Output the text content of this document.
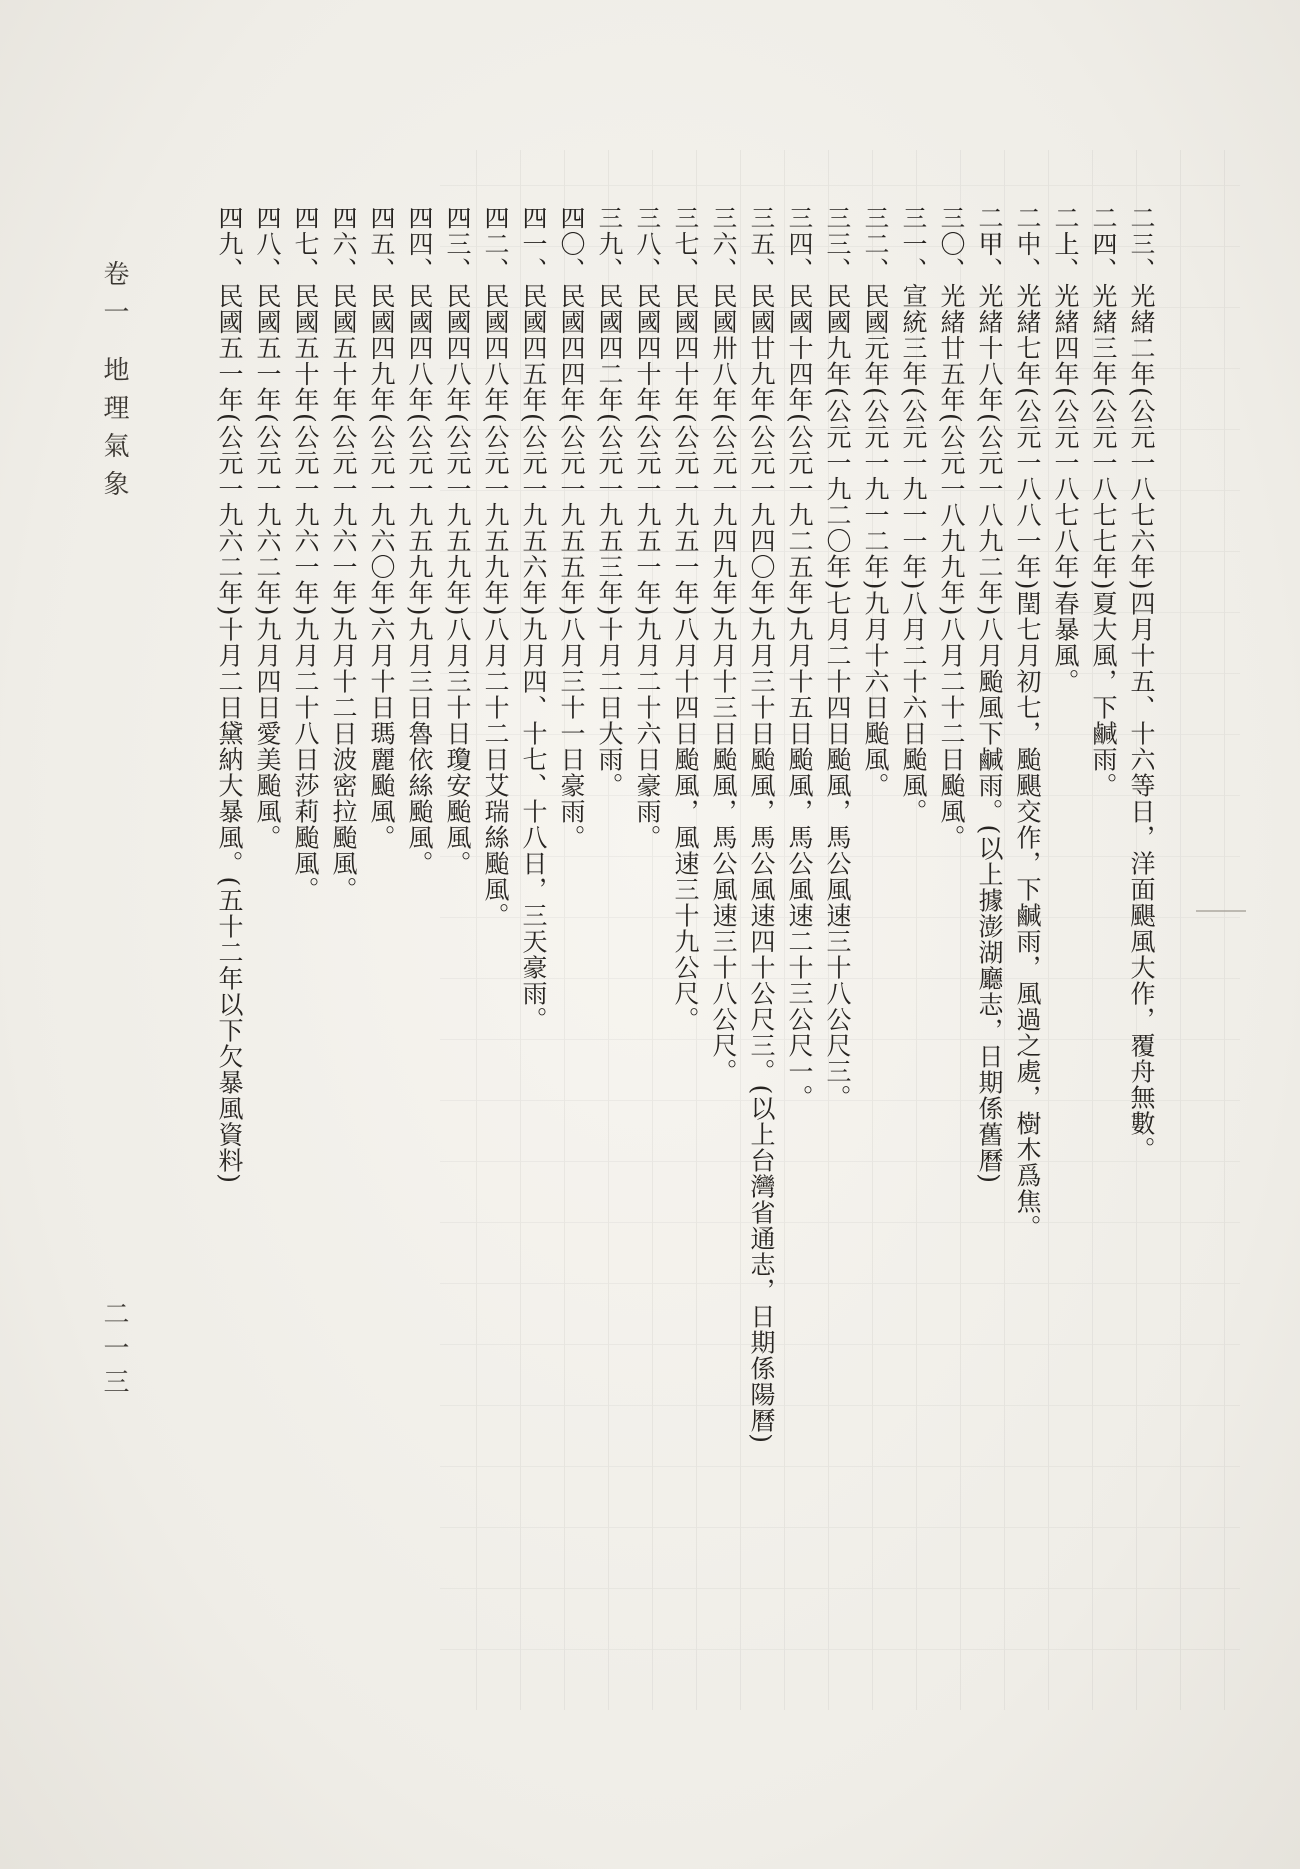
㆓㆔、光緒二年(公元一八七六年)四月十五、十六等日，洋面颶風大作，覆舟無數。
㆓㆕、光緒三年(公元一八七七年)夏大風，下鹹雨。
㆓㆖、光緒四年(公元一八七八年)春暴風。
㆓㆗、光緒七年(公元一八八一年)閏七月初七，颱颶交作，下鹹雨，風過之處，樹木爲焦。
㆓㆙、光緒十八年(公元一八九二年)八月颱風下鹹雨。(以上據澎湖廳志，日期係舊曆)
㆔〇、光緒廿五年(公元一八九九年)八月二十二日颱風。
㆔一、宣統三年(公元一九一一年)八月二十六日颱風。
㆔二、民國元年(公元一九一二年)九月十六日颱風。
㆔三、民國九年(公元一九二〇年)七月二十四日颱風，馬公風速三十八公尺三。
㆔四、民國十四年(公元一九二五年)九月十五日颱風，馬公風速二十三公尺一。
㆔五、民國廿九年(公元一九四〇年)九月三十日颱風，馬公風速四十公尺三。(以上台灣省通志，日期係陽曆)
㆔六、民國卅八年(公元一九四九年)九月十三日颱風，馬公風速三十八公尺。
㆔七、民國四十年(公元一九五一年)八月十四日颱風，風速三十九公尺。
㆔八、民國四十年(公元一九五一年)九月二十六日豪雨。
㆔九、民國四二年(公元一九五三年)十月二日大雨。
㆕〇、民國四四年(公元一九五五年)八月三十一日豪雨。
㆕一、民國四五年(公元一九五六年)九月四、十七、十八日，三天豪雨。
㆕二、民國四八年(公元一九五九年)八月二十二日艾瑞絲颱風。
㆕三、民國四八年(公元一九五九年)八月三十日瓊安颱風。
㆕四、民國四八年(公元一九五九年)九月三日魯依絲颱風。
㆕五、民國四九年(公元一九六〇年)六月十日瑪麗颱風。
㆕六、民國五十年(公元一九六一年)九月十二日波密拉颱風。
㆕七、民國五十年(公元一九六一年)九月二十八日莎莉颱風。
㆕八、民國五一年(公元一九六二年)九月四日愛美颱風。
㆕九、民國五一年(公元一九六二年)十月二日黛納大暴風。(五十二年以下欠暴風資料)
卷一 地理氣象
二一三
